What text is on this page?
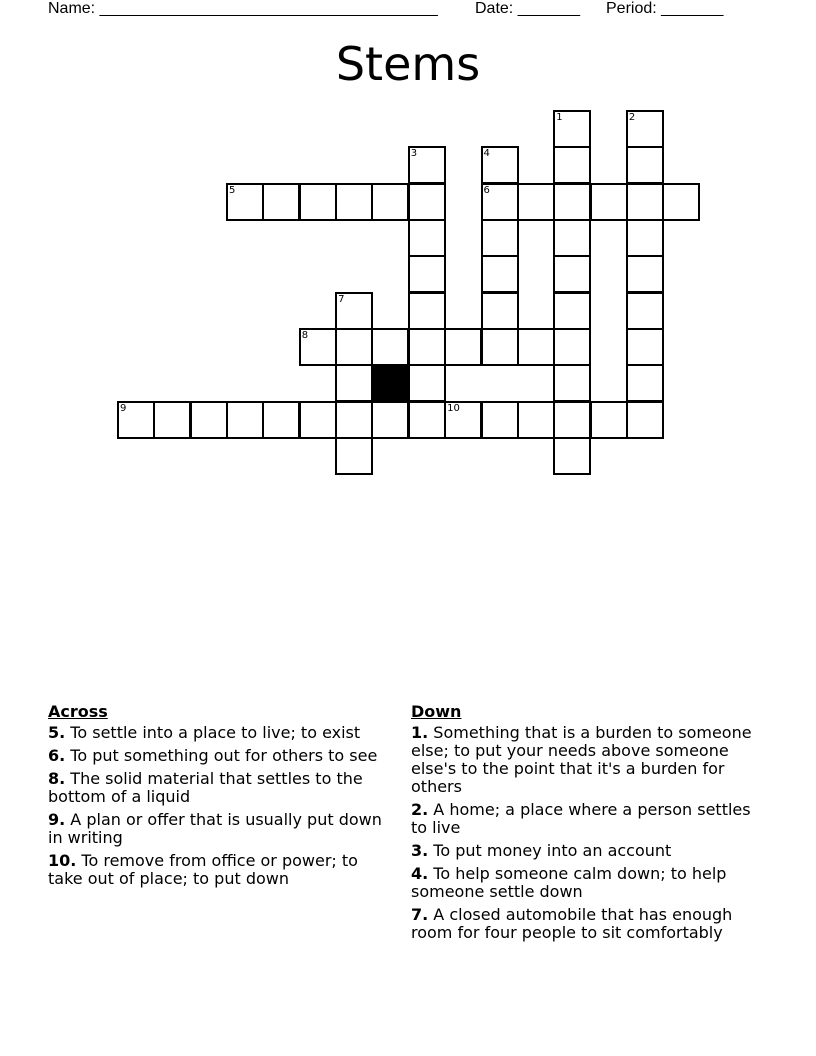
Name: ______________________________________ Date: _______ Period: _______
Stems
1	2
3	4
6
5
7
8
9	10
Across
5. To settle into a place to live; to exist
6. To put something out for others to see
8. The solid material that settles to the bottom of a liquid
9. A plan or offer that is usually put down in writing
10. To remove from office or power; to take out of place; to put down
Down
1. Something that is a burden to someone else; to put your needs above someone else's to the point that it's a burden for others
2. A home; a place where a person settles to live
3. To put money into an account
4. To help someone calm down; to help someone settle down
7. A closed automobile that has enough room for four people to sit comfortably
